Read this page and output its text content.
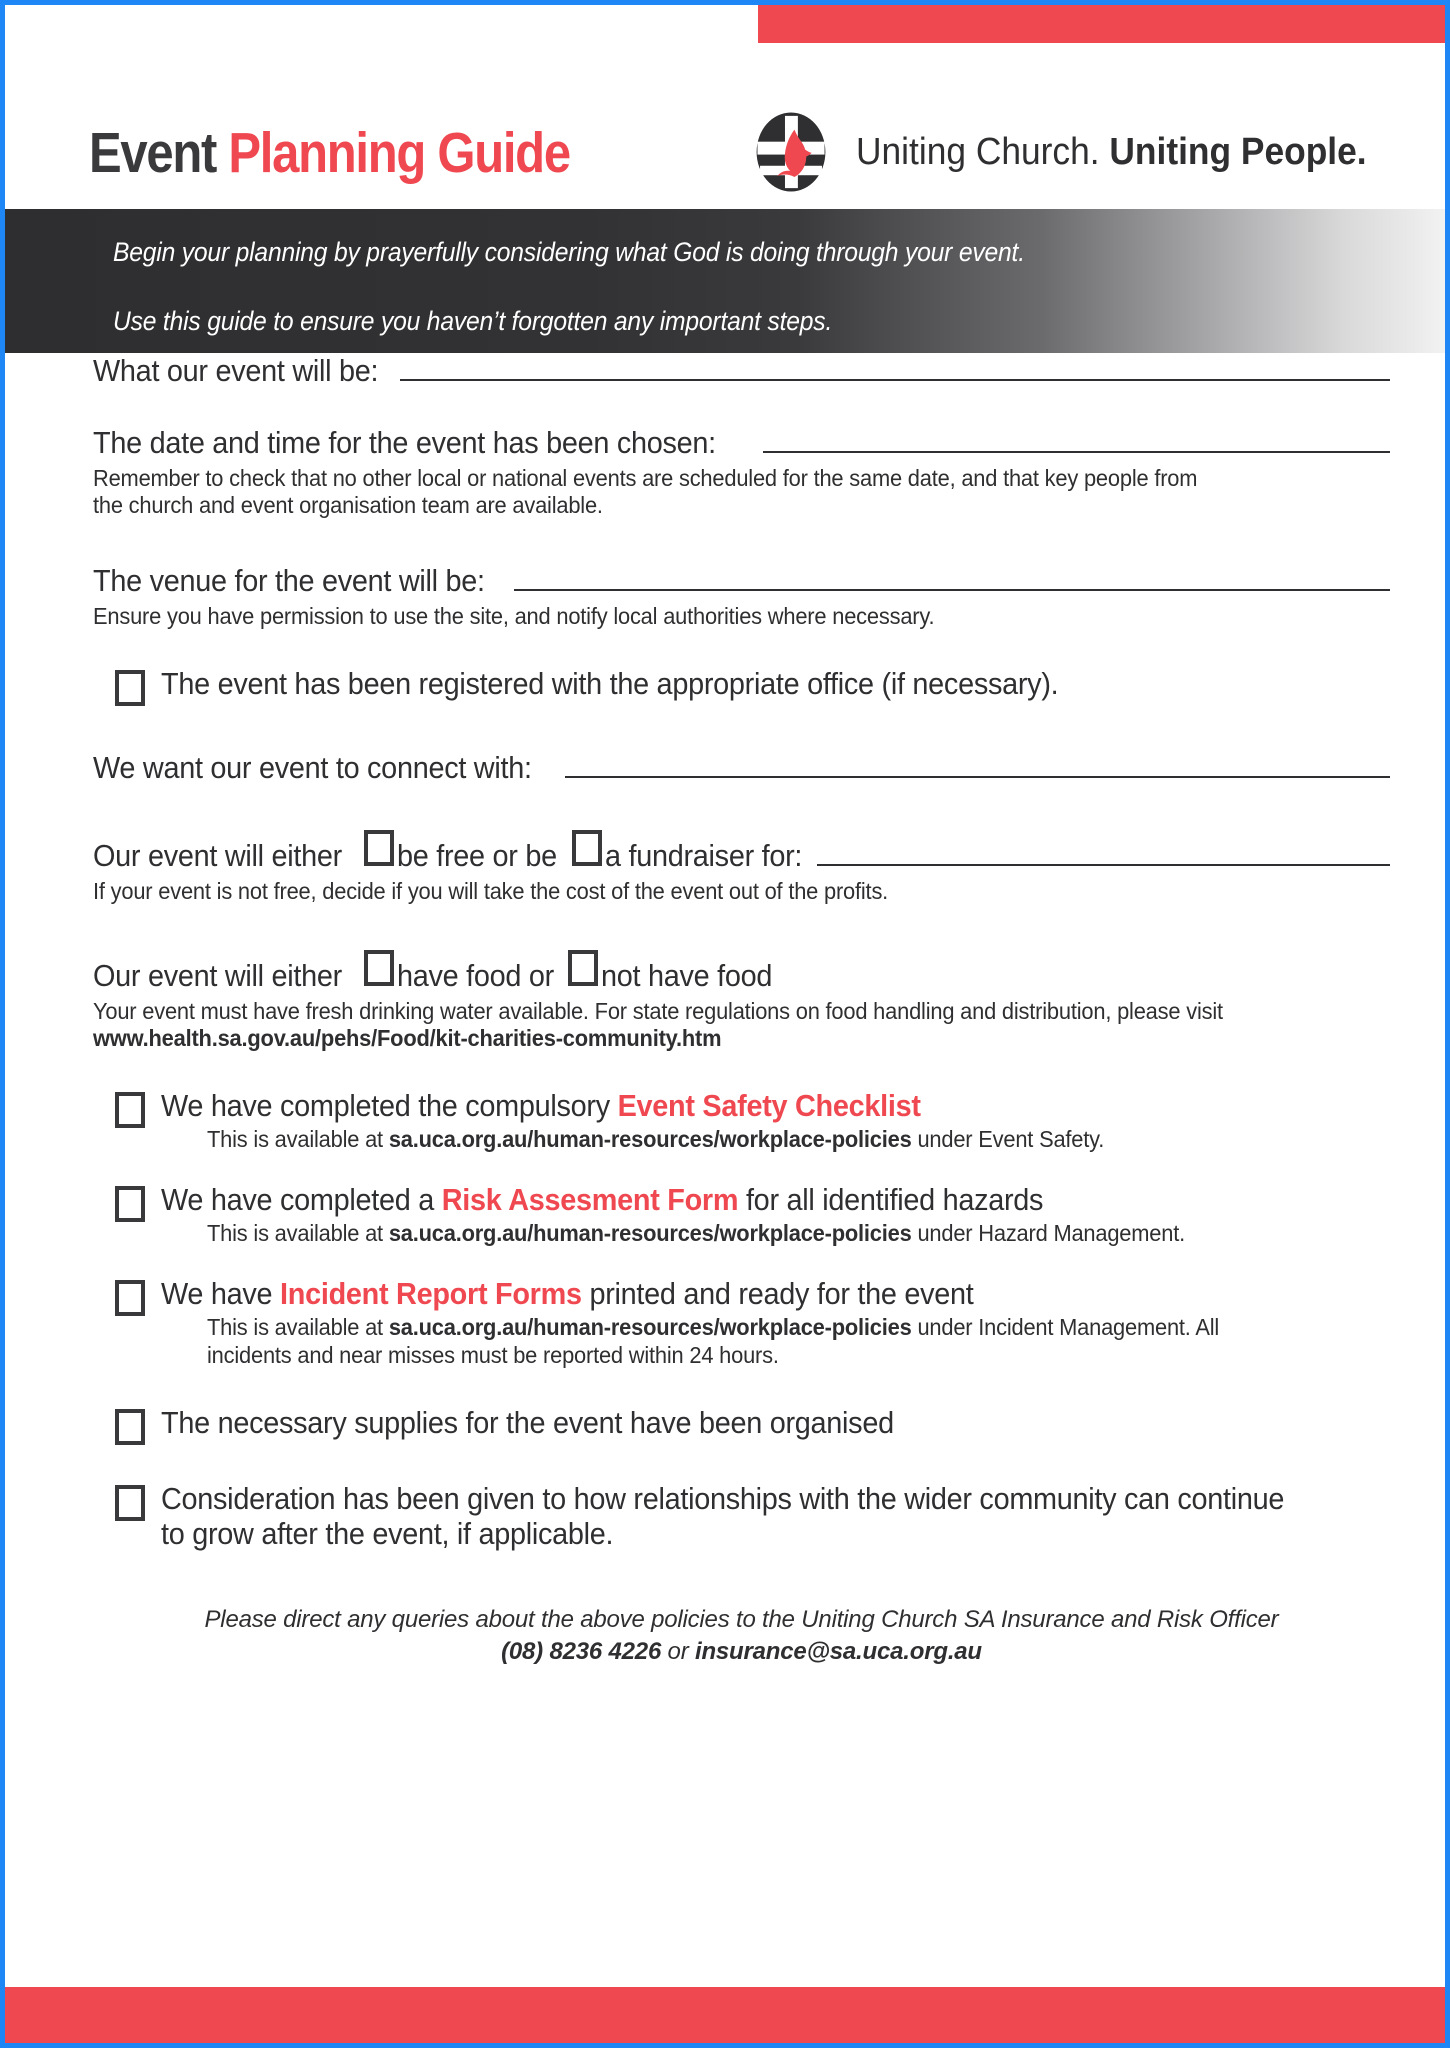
Event Planning Guide	Uniting Church. Uniting People.

Begin your planning by prayerfully considering what God is doing through your event.

Use this guide to ensure you haven’t forgotten any important steps.

What our event will be:
The date and time for the event has been chosen:
Remember to check that no other local or national events are scheduled for the same date, and that key people from the church and event organisation team are available.
The venue for the event will be:
Ensure you have permission to use the site, and notify local authorities where necessary.
The event has been registered with the appropriate office (if necessary).
We want our event to connect with:
Our event will either be free or be a fundraiser for:
If your event is not free, decide if you will take the cost of the event out of the profits.
Our event will either have food or not have food
Your event must have fresh drinking water available. For state regulations on food handling and distribution, please visit www.health.sa.gov.au/pehs/Food/kit-charities-community.htm
We have completed the compulsory Event Safety Checklist
This is available at sa.uca.org.au/human-resources/workplace-policies under Event Safety.
We have completed a Risk Assesment Form for all identified hazards
This is available at sa.uca.org.au/human-resources/workplace-policies under Hazard Management.
We have Incident Report Forms printed and ready for the event
This is available at sa.uca.org.au/human-resources/workplace-policies under Incident Management. All incidents and near misses must be reported within 24 hours.
The necessary supplies for the event have been organised
Consideration has been given to how relationships with the wider community can continue to grow after the event, if applicable.
Please direct any queries about the above policies to the Uniting Church SA Insurance and Risk Officer
(08) 8236 4226 or insurance@sa.uca.org.au
